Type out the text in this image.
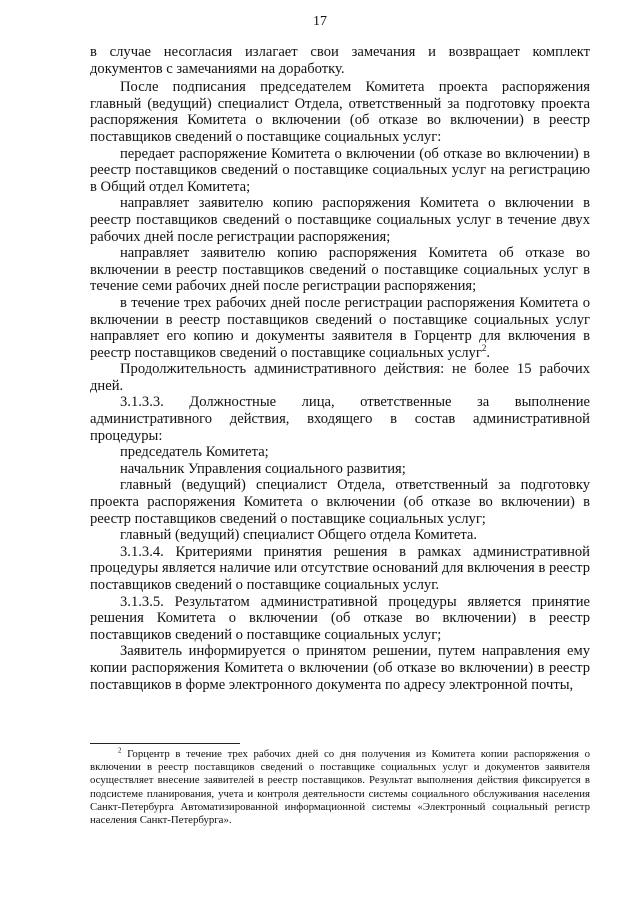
17

в случае несогласия излагает свои замечания и возвращает комплект документов с замечаниями на доработку.

После подписания председателем Комитета проекта распоряжения главный (ведущий) специалист Отдела, ответственный за подготовку проекта распоряжения Комитета о включении (об отказе во включении) в реестр поставщиков сведений о поставщике социальных услуг:

передает распоряжение Комитета о включении (об отказе во включении) в реестр поставщиков сведений о поставщике социальных услуг на регистрацию в Общий отдел Комитета;

направляет заявителю копию распоряжения Комитета о включении в реестр поставщиков сведений о поставщике социальных услуг в течение двух рабочих дней после регистрации распоряжения;

направляет заявителю копию распоряжения Комитета об отказе во включении в реестр поставщиков сведений о поставщике социальных услуг в течение семи рабочих дней после регистрации распоряжения;

в течение трех рабочих дней после регистрации распоряжения Комитета о включении в реестр поставщиков сведений о поставщике социальных услуг направляет его копию и документы заявителя в Горцентр для включения в реестр поставщиков сведений о поставщике социальных услуг$^2$.

Продолжительность административного действия: не более 15 рабочих дней.

3.1.3.3. Должностные лица, ответственные за выполнение административного действия, входящего в состав административной процедуры:

председатель Комитета;

начальник Управления социального развития;

главный (ведущий) специалист Отдела, ответственный за подготовку проекта распоряжения Комитета о включении (об отказе во включении) в реестр поставщиков сведений о поставщике социальных услуг;

главный (ведущий) специалист Общего отдела Комитета.

3.1.3.4. Критериями принятия решения в рамках административной процедуры является наличие или отсутствие оснований для включения в реестр поставщиков сведений о поставщике социальных услуг.

3.1.3.5. Результатом административной процедуры является принятие решения Комитета о включении (об отказе во включении) в реестр поставщиков сведений о поставщике социальных услуг;

Заявитель информируется о принятом решении, путем направления ему копии распоряжения Комитета о включении (об отказе во включении) в реестр поставщиков в форме электронного документа по адресу электронной почты,

$^2$ Горцентр в течение трех рабочих дней со дня получения из Комитета копии распоряжения о включении в реестр поставщиков сведений о поставщике социальных услуг и документов заявителя осуществляет внесение заявителей в реестр поставщиков. Результат выполнения действия фиксируется в подсистеме планирования, учета и контроля деятельности системы социального обслуживания населения Санкт-Петербурга Автоматизированной информационной системы «Электронный социальный регистр населения Санкт-Петербурга».
